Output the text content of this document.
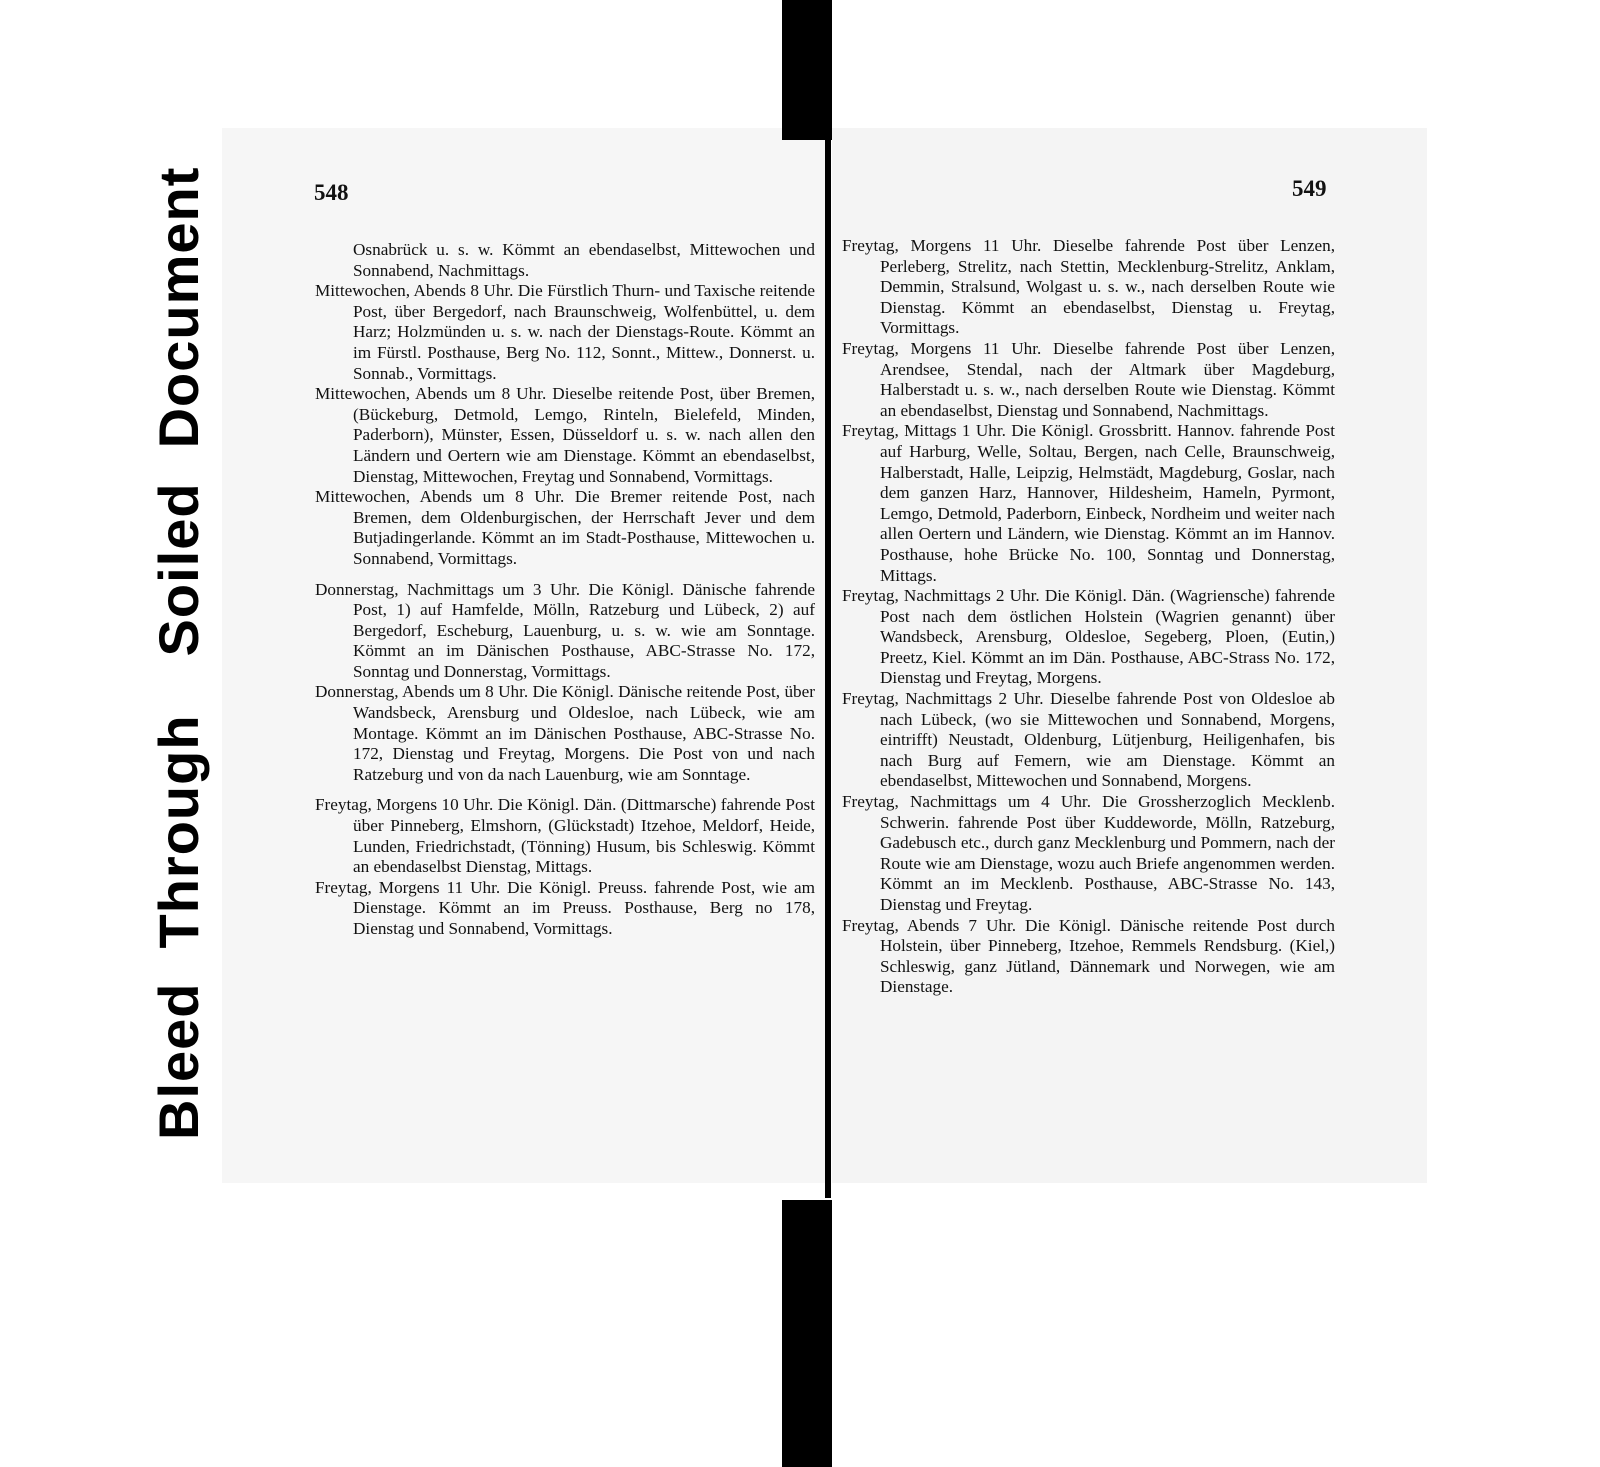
Bleed
Through
Soiled
Document	548	549

Osnabrück u. s. w. Kömmt an ebendaselbst, Mittewochen und Sonnabend, Nachmittags.

Mittewochen, Abends 8 Uhr. Die Fürstlich Thurn- und Taxische reitende Post, über Bergedorf, nach Braunschweig, Wolfenbüttel, u. dem Harz; Holzmünden u. s. w. nach der Dienstags-Route. Kömmt an im Fürstl. Posthause, Berg No. 112, Sonnt., Mittew., Donnerst. u. Sonnab., Vormittags.

Mittewochen, Abends um 8 Uhr. Dieselbe reitende Post, über Bremen, (Bückeburg, Detmold, Lemgo, Rinteln, Bielefeld, Minden, Paderborn), Münster, Essen, Düsseldorf u. s. w. nach allen den Ländern und Oertern wie am Dienstage. Kömmt an ebendaselbst, Dienstag, Mittewochen, Freytag und Sonnabend, Vormittags.

Mittewochen, Abends um 8 Uhr. Die Bremer reitende Post, nach Bremen, dem Oldenburgischen, der Herrschaft Jever und dem Butjadingerlande. Kömmt an im Stadt-Posthause, Mittewochen u. Sonnabend, Vormittags.

Donnerstag, Nachmittags um 3 Uhr. Die Königl. Dänische fahrende Post, 1) auf Hamfelde, Mölln, Ratzeburg und Lübeck, 2) auf Bergedorf, Escheburg, Lauenburg, u. s. w. wie am Sonntage. Kömmt an im Dänischen Posthause, ABC-Strasse No. 172, Sonntag und Donnerstag, Vormittags.

Donnerstag, Abends um 8 Uhr. Die Königl. Dänische reitende Post, über Wandsbeck, Arensburg und Oldesloe, nach Lübeck, wie am Montage. Kömmt an im Dänischen Posthause, ABC-Strasse No. 172, Dienstag und Freytag, Morgens. Die Post von und nach Ratzeburg und von da nach Lauenburg, wie am Sonntage.

Freytag, Morgens 10 Uhr. Die Königl. Dän. (Dittmarsche) fahrende Post über Pinneberg, Elmshorn, (Glückstadt) Itzehoe, Meldorf, Heide, Lunden, Friedrichstadt, (Tönning) Husum, bis Schleswig. Kömmt an ebendaselbst Dienstag, Mittags.

Freytag, Morgens 11 Uhr. Die Königl. Preuss. fahrende Post, wie am Dienstage. Kömmt an im Preuss. Posthause, Berg no 178, Dienstag und Sonnabend, Vormittags.

Freytag, Morgens 11 Uhr. Dieselbe fahrende Post über Lenzen, Perleberg, Strelitz, nach Stettin, Mecklenburg-Strelitz, Anklam, Demmin, Stralsund, Wolgast u. s. w., nach derselben Route wie Dienstag. Kömmt an ebendaselbst, Dienstag u. Freytag, Vormittags.

Freytag, Morgens 11 Uhr. Dieselbe fahrende Post über Lenzen, Arendsee, Stendal, nach der Altmark über Magdeburg, Halberstadt u. s. w., nach derselben Route wie Dienstag. Kömmt an ebendaselbst, Dienstag und Sonnabend, Nachmittags.

Freytag, Mittags 1 Uhr. Die Königl. Grossbritt. Hannov. fahrende Post auf Harburg, Welle, Soltau, Bergen, nach Celle, Braunschweig, Halberstadt, Halle, Leipzig, Helmstädt, Magdeburg, Goslar, nach dem ganzen Harz, Hannover, Hildesheim, Hameln, Pyrmont, Lemgo, Detmold, Paderborn, Einbeck, Nordheim und weiter nach allen Oertern und Ländern, wie Dienstag. Kömmt an im Hannov. Posthause, hohe Brücke No. 100, Sonntag und Donnerstag, Mittags.

Freytag, Nachmittags 2 Uhr. Die Königl. Dän. (Wagriensche) fahrende Post nach dem östlichen Holstein (Wagrien genannt) über Wandsbeck, Arensburg, Oldesloe, Segeberg, Ploen, (Eutin,) Preetz, Kiel. Kömmt an im Dän. Posthause, ABC-Strass No. 172, Dienstag und Freytag, Morgens.

Freytag, Nachmittags 2 Uhr. Dieselbe fahrende Post von Oldesloe ab nach Lübeck, (wo sie Mittewochen und Sonnabend, Morgens, eintrifft) Neustadt, Oldenburg, Lütjenburg, Heiligenhafen, bis nach Burg auf Femern, wie am Dienstage. Kömmt an ebendaselbst, Mittewochen und Sonnabend, Morgens.

Freytag, Nachmittags um 4 Uhr. Die Grossherzoglich Mecklenb. Schwerin. fahrende Post über Kuddeworde, Mölln, Ratzeburg, Gadebusch etc., durch ganz Mecklenburg und Pommern, nach der Route wie am Dienstage, wozu auch Briefe angenommen werden. Kömmt an im Mecklenb. Posthause, ABC-Strasse No. 143, Dienstag und Freytag.

Freytag, Abends 7 Uhr. Die Königl. Dänische reitende Post durch Holstein, über Pinneberg, Itzehoe, Remmels Rendsburg. (Kiel,) Schleswig, ganz Jütland, Dännemark und Norwegen, wie am Dienstage.
